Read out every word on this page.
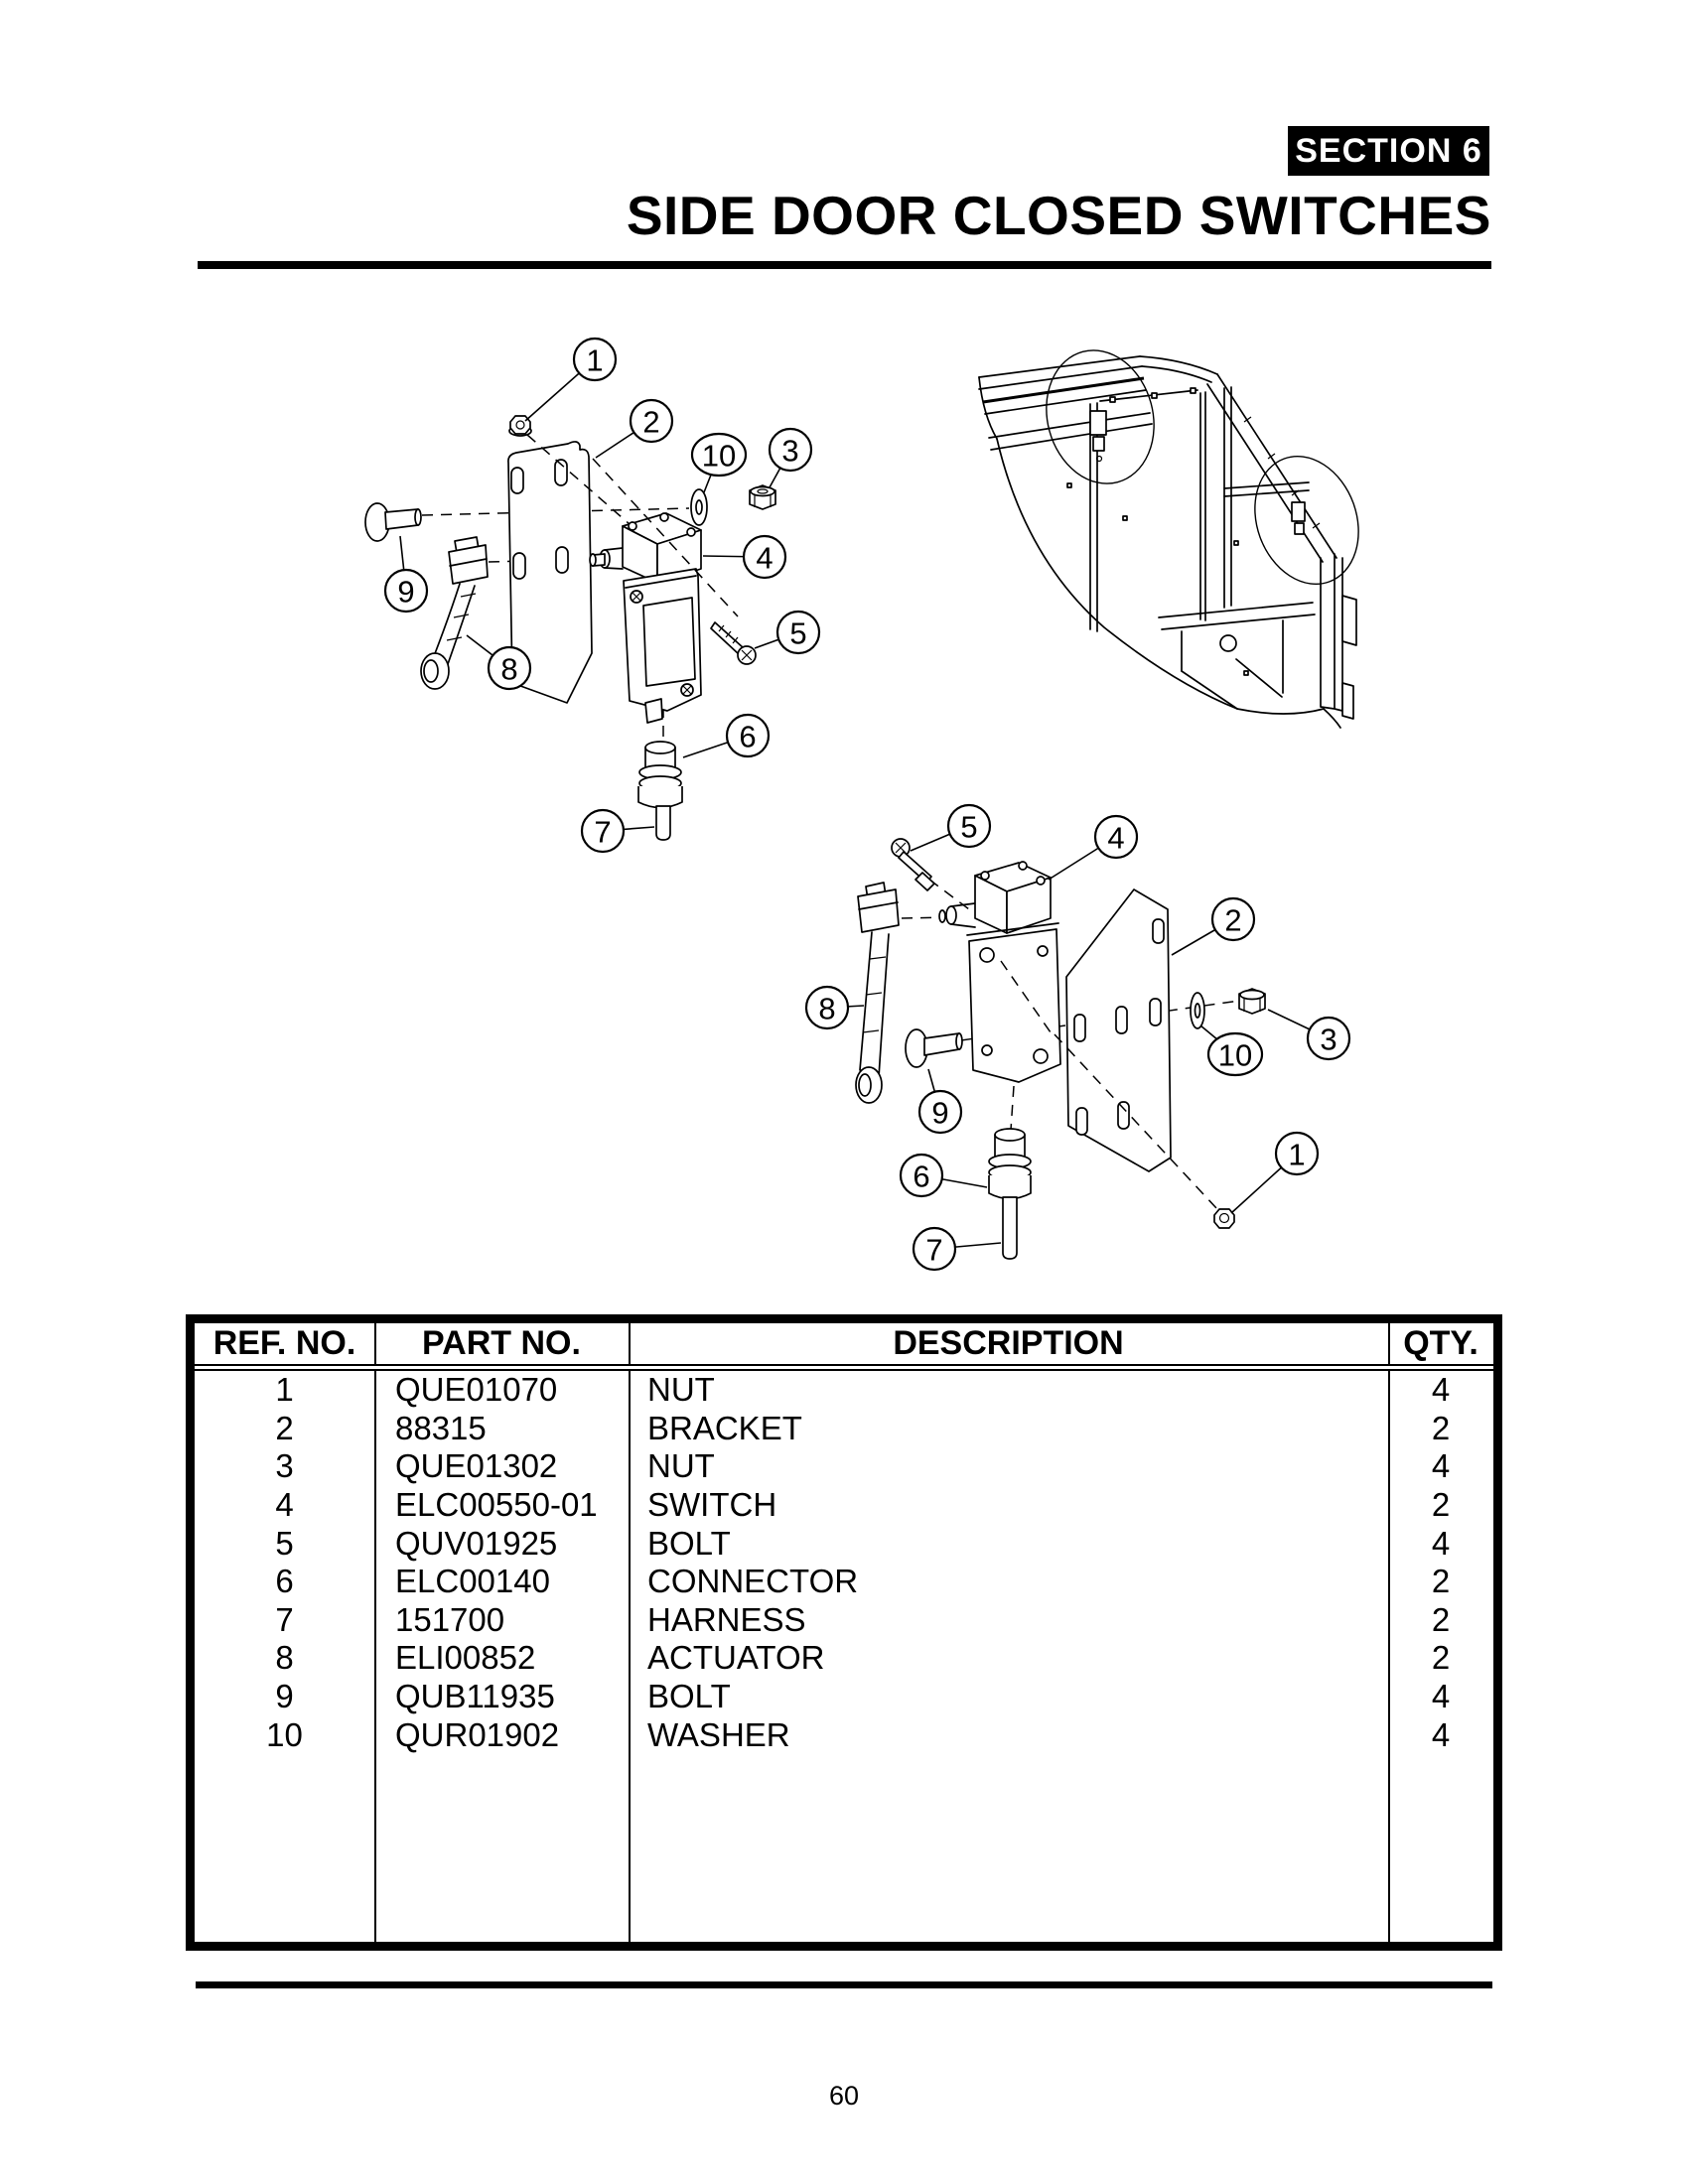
SECTION 6
SIDE DOOR CLOSED SWITCHES
1
2
10 3
4
9
5
8
6
7	5	4
2
8
3
10
9
6
1
7
REF. NO.	PART NO.	DESCRIPTION	QTY.
1	QUE01070	NUT	4
2	88315	BRACKET	2
3	QUE01302	NUT	4
4	ELC00550-01	SWITCH	2
5	QUV01925	BOLT	4
6	ELC00140	CONNECTOR	2
7	151700	HARNESS	2
8	ELI00852	ACTUATOR	2
9	QUB11935	BOLT	4
10	QUR01902	WASHER	4
60
